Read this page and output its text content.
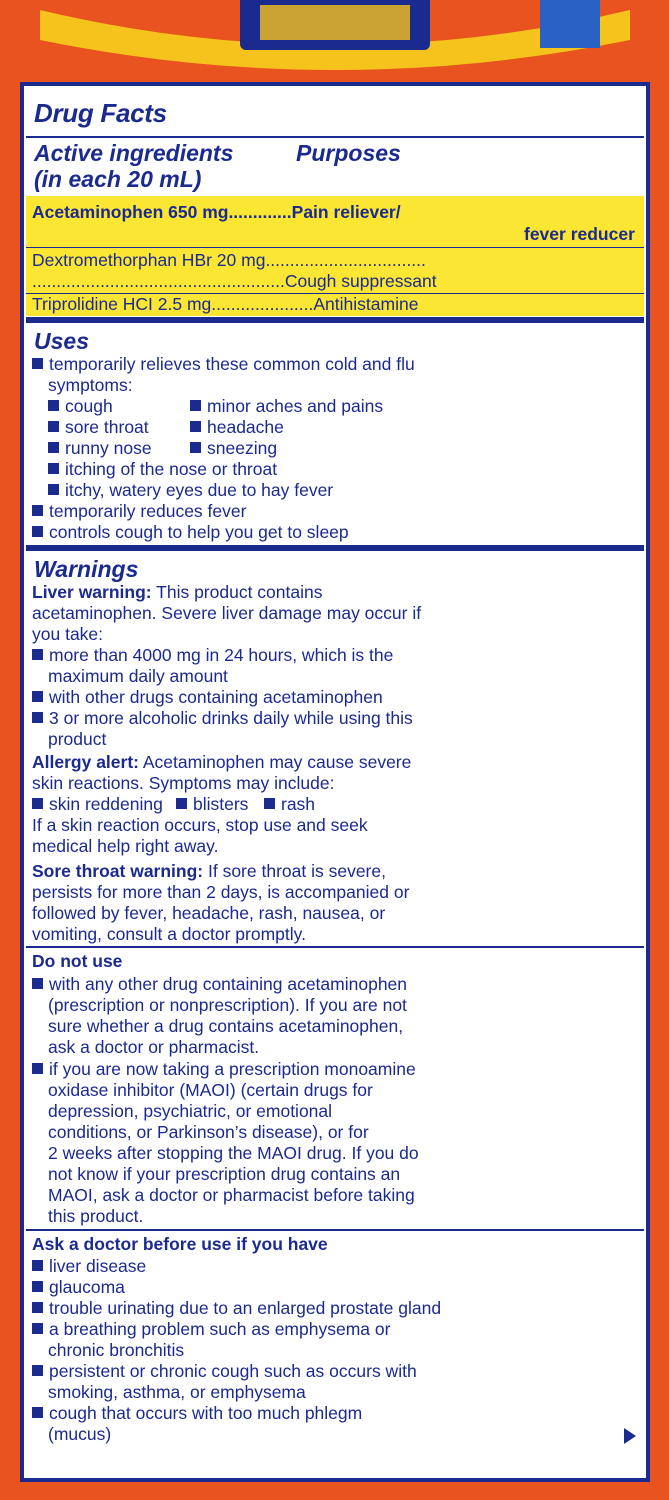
Drug Facts
Active ingredients
(in each 20 mL)
Purposes
Acetaminophen 650 mg.............Pain reliever/
fever reducer
Dextromethorphan HBr 20 mg.................................
....................................................Cough suppressant
Triprolidine HCI 2.5 mg.....................Antihistamine
Uses
temporarily relieves these common cold and flu
symptoms:
cough	minor aches and pains
sore throat	headache
runny nose	sneezing
itching of the nose or throat
itchy, watery eyes due to hay fever
temporarily reduces fever
controls cough to help you get to sleep
Warnings
Liver warning: This product contains
acetaminophen. Severe liver damage may occur if
you take:
more than 4000 mg in 24 hours, which is the
maximum daily amount
with other drugs containing acetaminophen
3 or more alcoholic drinks daily while using this
product
Allergy alert: Acetaminophen may cause severe
skin reactions. Symptoms may include:
skin reddening	blisters	rash
If a skin reaction occurs, stop use and seek
medical help right away.
Sore throat warning: If sore throat is severe,
persists for more than 2 days, is accompanied or
followed by fever, headache, rash, nausea, or
vomiting, consult a doctor promptly.
Do not use
with any other drug containing acetaminophen
(prescription or nonprescription). If you are not
sure whether a drug contains acetaminophen,
ask a doctor or pharmacist.
if you are now taking a prescription monoamine
oxidase inhibitor (MAOI) (certain drugs for
depression, psychiatric, or emotional
conditions, or Parkinson’s disease), or for
2 weeks after stopping the MAOI drug. If you do
not know if your prescription drug contains an
MAOI, ask a doctor or pharmacist before taking
this product.
Ask a doctor before use if you have
liver disease
glaucoma
trouble urinating due to an enlarged prostate gland
a breathing problem such as emphysema or
chronic bronchitis
persistent or chronic cough such as occurs with
smoking, asthma, or emphysema
cough that occurs with too much phlegm
(mucus)
